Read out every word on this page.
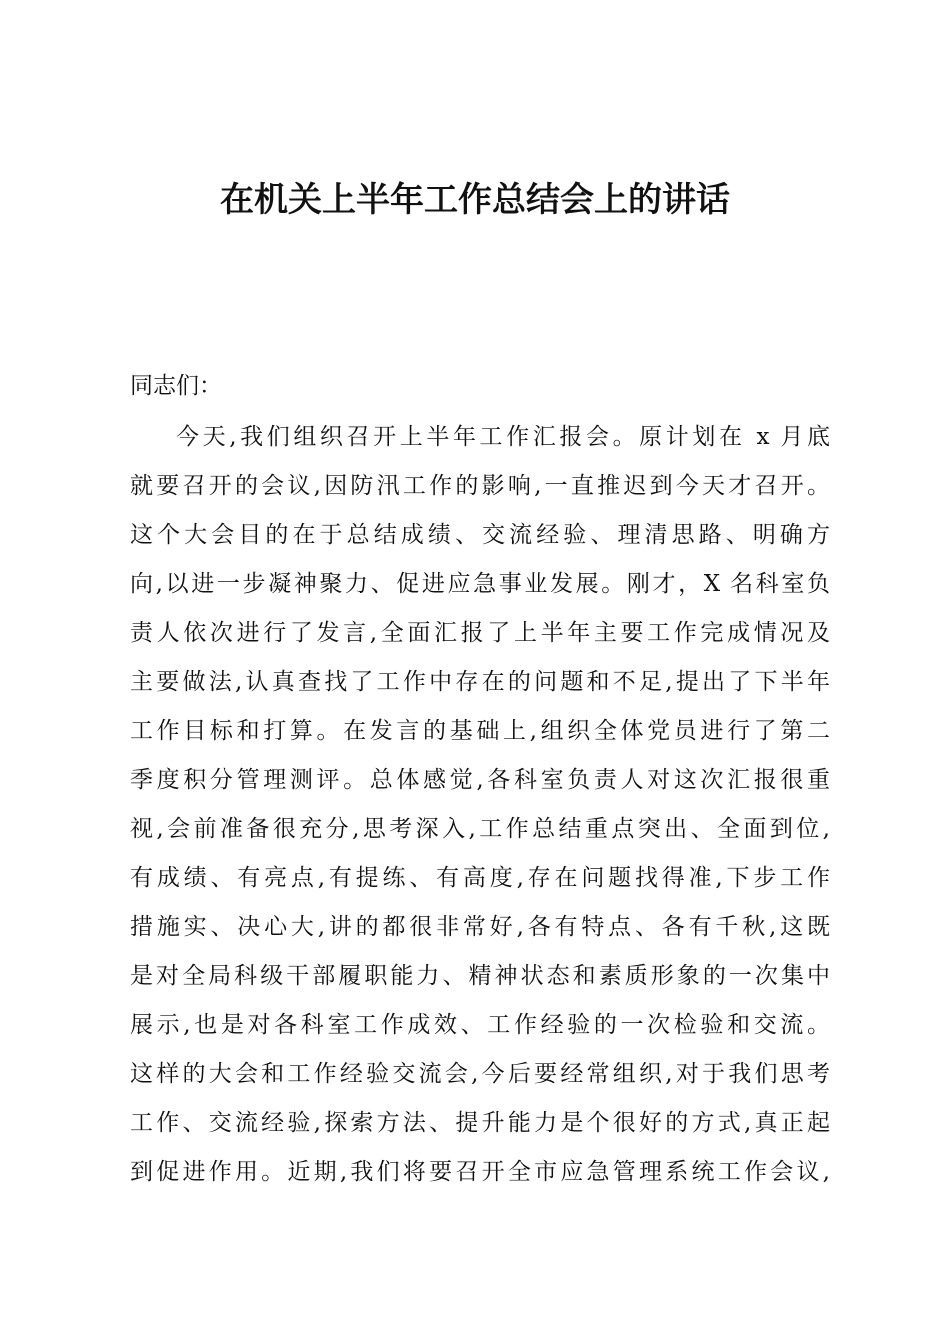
在机关上半年工作总结会上的讲话

同志们：

今天,我们组织召开上半年工作汇报会。原计划在 x 月底
就要召开的会议,因防汛工作的影响,一直推迟到今天才召开。
这个大会目的在于总结成绩、交流经验、理清思路、明确方
向,以进一步凝神聚力、促进应急事业发展。刚才，X 名科室负
责人依次进行了发言,全面汇报了上半年主要工作完成情况及
主要做法,认真查找了工作中存在的问题和不足,提出了下半年
工作目标和打算。在发言的基础上,组织全体党员进行了第二
季度积分管理测评。总体感觉,各科室负责人对这次汇报很重
视,会前准备很充分,思考深入,工作总结重点突出、全面到位,
有成绩、有亮点,有提练、有高度,存在问题找得准,下步工作
措施实、决心大,讲的都很非常好,各有特点、各有千秋,这既
是对全局科级干部履职能力、精神状态和素质形象的一次集中
展示,也是对各科室工作成效、工作经验的一次检验和交流。
这样的大会和工作经验交流会,今后要经常组织,对于我们思考
工作、交流经验,探索方法、提升能力是个很好的方式,真正起
到促进作用。近期,我们将要召开全市应急管理系统工作会议,
